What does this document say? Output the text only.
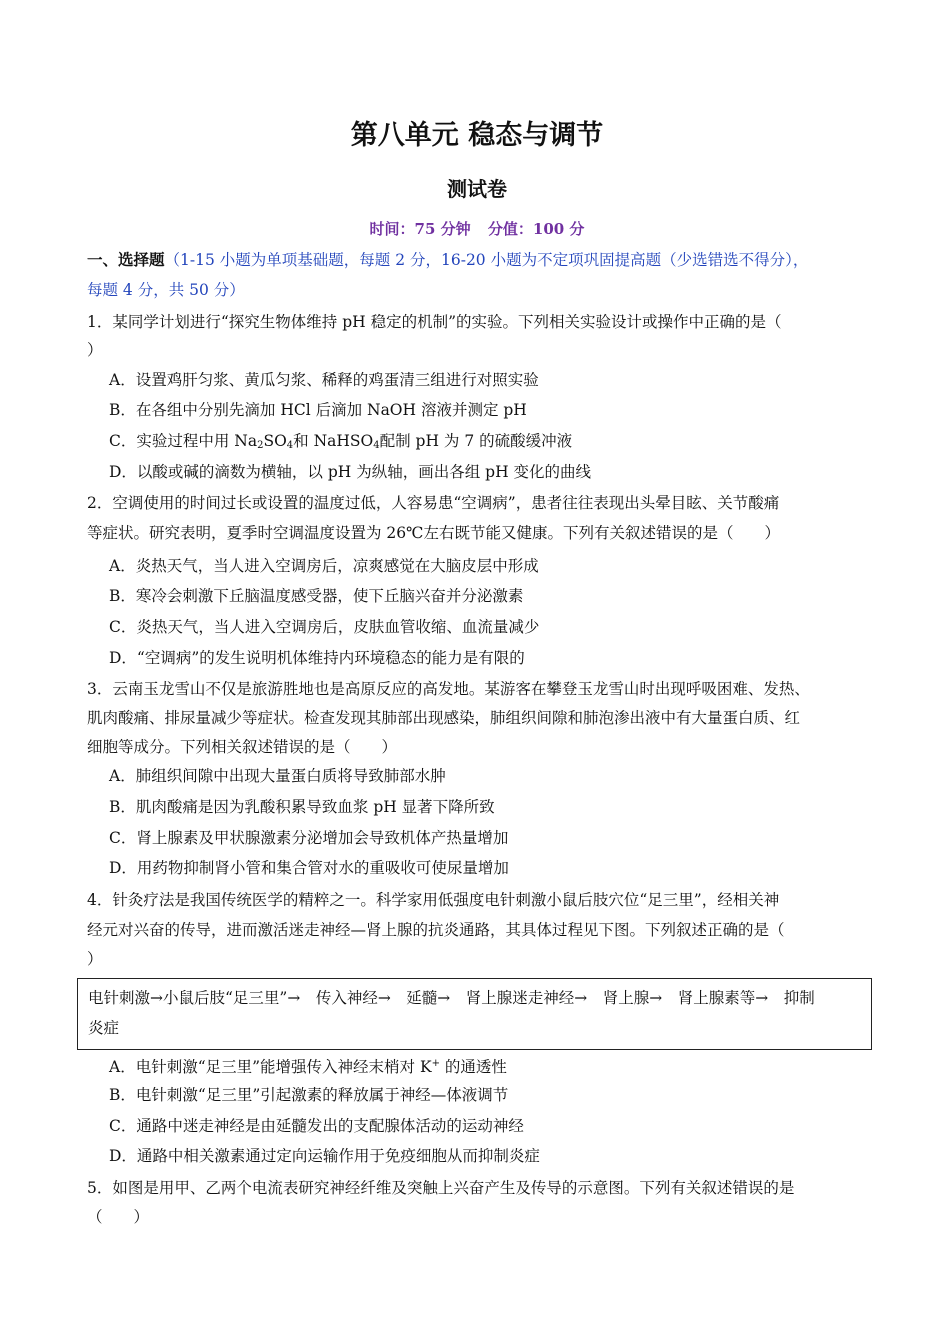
第八单元 稳态与调节
测试卷
时间：75 分钟 分值：100 分
一、选择题（1-15 小题为单项基础题，每题 2 分，16-20 小题为不定项巩固提高题（少选错选不得分），
每题 4 分，共 50 分）
1．某同学计划进行“探究生物体维持 pH 稳定的机制”的实验。下列相关实验设计或操作中正确的是（
）
A．设置鸡肝匀浆、黄瓜匀浆、稀释的鸡蛋清三组进行对照实验
B．在各组中分别先滴加 HCl 后滴加 NaOH 溶液并测定 pH
C．实验过程中用 $Na_2SO_4$和 NaHSO$_4$配制 pH 为 7 的硫酸缓冲液
D．以酸或碱的滴数为横轴，以 pH 为纵轴，画出各组 pH 变化的曲线
2．空调使用的时间过长或设置的温度过低，人容易患“空调病”，患者往往表现出头晕目眩、关节酸痛
等症状。研究表明，夏季时空调温度设置为 26℃左右既节能又健康。下列有关叙述错误的是（　　）
A．炎热天气，当人进入空调房后，凉爽感觉在大脑皮层中形成
B．寒冷会刺激下丘脑温度感受器，使下丘脑兴奋并分泌激素
C．炎热天气，当人进入空调房后，皮肤血管收缩、血流量减少
D．“空调病”的发生说明机体维持内环境稳态的能力是有限的
3．云南玉龙雪山不仅是旅游胜地也是高原反应的高发地。某游客在攀登玉龙雪山时出现呼吸困难、发热、
肌肉酸痛、排尿量减少等症状。检查发现其肺部出现感染，肺组织间隙和肺泡渗出液中有大量蛋白质、红
细胞等成分。下列相关叙述错误的是（　　）
A．肺组织间隙中出现大量蛋白质将导致肺部水肿
B．肌肉酸痛是因为乳酸积累导致血浆 pH 显著下降所致
C．肾上腺素及甲状腺激素分泌增加会导致机体产热量增加
D．用药物抑制肾小管和集合管对水的重吸收可使尿量增加
4．针灸疗法是我国传统医学的精粹之一。科学家用低强度电针刺激小鼠后肢穴位“足三里”，经相关神
经元对兴奋的传导，进而激活迷走神经—肾上腺的抗炎通路，其具体过程见下图。下列叙述正确的是（
）
电针刺激→小鼠后肢“足三里”→　传入神经→　延髓→　肾上腺迷走神经→　肾上腺→　肾上腺素等→　抑制
炎症
A．电针刺激“足三里”能增强传入神经末梢对 K+ 的通透性
B．电针刺激“足三里”引起激素的释放属于神经—体液调节
C．通路中迷走神经是由延髓发出的支配腺体活动的运动神经
D．通路中相关激素通过定向运输作用于免疫细胞从而抑制炎症
5．如图是用甲、乙两个电流表研究神经纤维及突触上兴奋产生及传导的示意图。下列有关叙述错误的是
（　　）
